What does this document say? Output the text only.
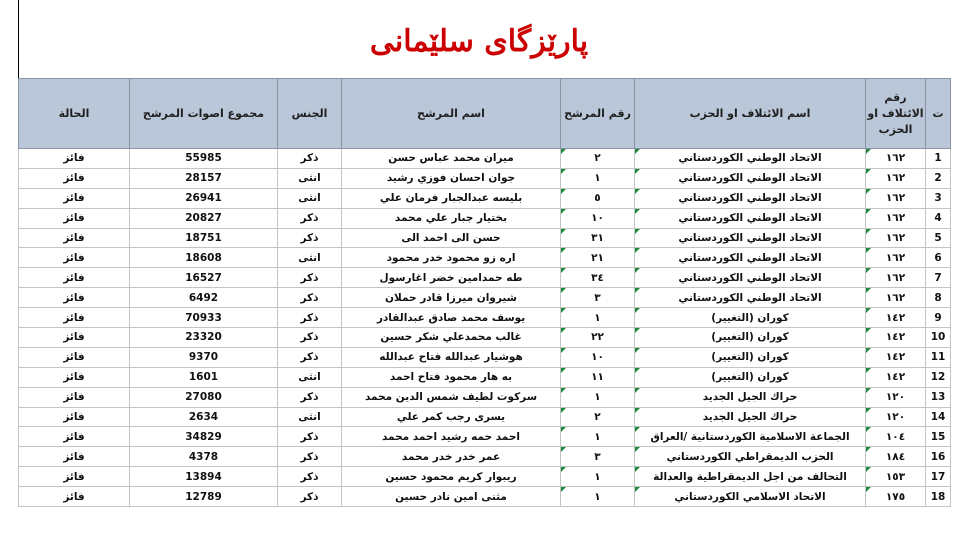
پارێزگای سلێمانی
ت	رقم الائتلاف او الحزب	اسم الائتلاف او الحزب	رقم المرشح	اسم المرشح	الجنس	مجموع اصوات المرشح	الحالة
1	١٦٢	الاتحاد الوطني الكوردستاني	٢	ميران محمد عباس حسن	ذكر	55985	فائز
2	١٦٢	الاتحاد الوطني الكوردستاني	١	جوان احسان فوزي رشيد	انثى	28157	فائز
3	١٦٢	الاتحاد الوطني الكوردستاني	٥	بليسه عبدالجبار فرمان علي	انثى	26941	فائز
4	١٦٢	الاتحاد الوطني الكوردستاني	١٠	بختيار جبار علي محمد	ذكر	20827	فائز
5	١٦٢	الاتحاد الوطني الكوردستاني	٣١	حسن الى احمد الى	ذكر	18751	فائز
6	١٦٢	الاتحاد الوطني الكوردستاني	٢١	اره زو محمود خدر محمود	انثى	18608	فائز
7	١٦٢	الاتحاد الوطني الكوردستاني	٣٤	طه حمدامين خضر اغارسول	ذكر	16527	فائز
8	١٦٢	الاتحاد الوطني الكوردستاني	٣	شيروان ميرزا قادر حملان	ذكر	6492	فائز
9	١٤٢	كوران (التغيير)	١	يوسف محمد صادق عبدالقادر	ذكر	70933	فائز
10	١٤٢	كوران (التغيير)	٢٢	غالب محمدعلي شكر حسين	ذكر	23320	فائز
11	١٤٢	كوران (التغيير)	١٠	هوشيار عبدالله فتاح عبدالله	ذكر	9370	فائز
12	١٤٢	كوران (التغيير)	١١	به هار محمود فتاح احمد	انثى	1601	فائز
13	١٢٠	حراك الجيل الجديد	١	سركوت لطيف شمس الدين محمد	ذكر	27080	فائز
14	١٢٠	حراك الجيل الجديد	٢	يسرى رجب كمر علي	انثى	2634	فائز
15	١٠٤	الجماعة الاسلامية الكوردستانية /العراق	١	احمد حمه رشيد احمد محمد	ذكر	34829	فائز
16	١٨٤	الحزب الديمقراطي الكوردستاني	٣	عمر خدر خدر محمد	ذكر	4378	فائز
17	١٥٣	التحالف من اجل الديمقراطية والعدالة	١	ريبوار كريم محمود حسين	ذكر	13894	فائز
18	١٧٥	الاتحاد الاسلامي الكوردستاني	١	مثنى امين نادر حسين	ذكر	12789	فائز
